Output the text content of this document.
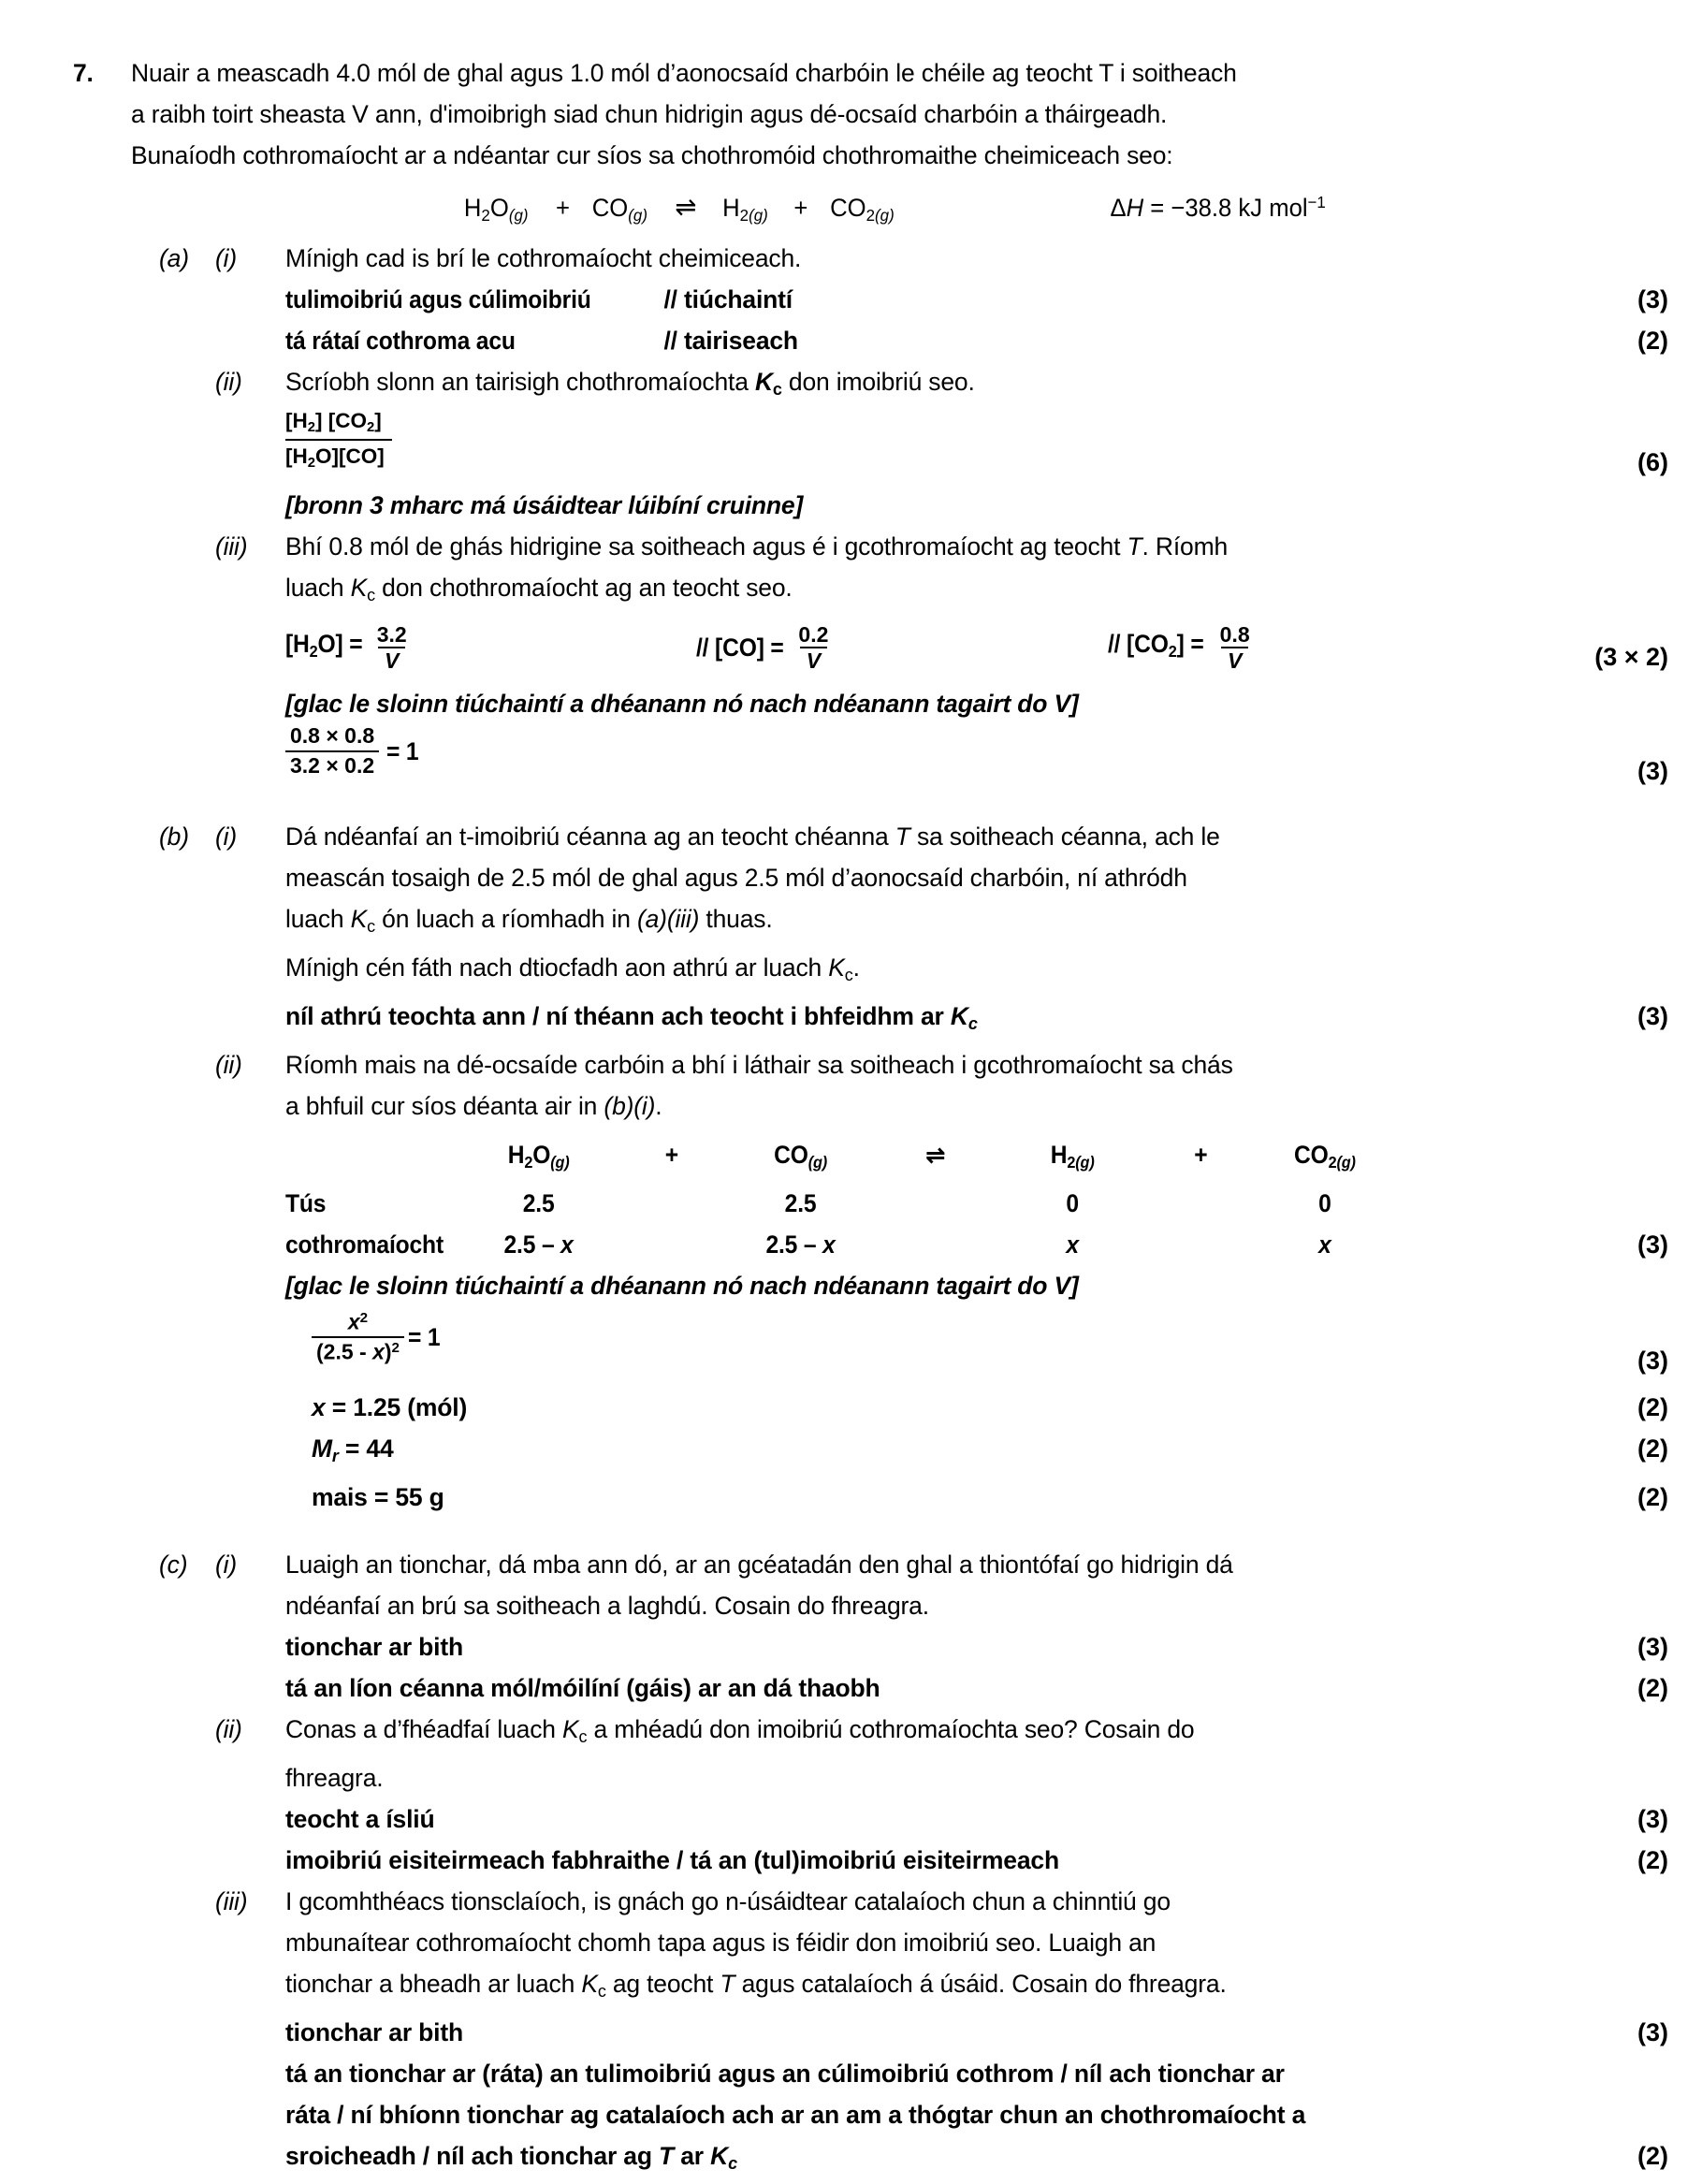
7.	Nuair a meascadh 4.0 mól de ghal agus 1.0 mól d’aonocsaíd charbóin le chéile ag teocht T i soitheach
a raibh toirt sheasta V ann, d'imoibrigh siad chun hidrigin agus dé-ocsaíd charbóin a tháirgeadh.
Bunaíodh cothromaíocht ar a ndéantar cur síos sa chothromóid chothromaithe cheimiceach seo:
$H_2O(g) + CO(g)$ ⇌ $H_2(g) + CO_2(g)$	ΔH = −38.8 kJ mol$^{-1}$
(a)	(i)	Mínigh cad is brí le cothromaíocht cheimiceach.
tulimoibriú agus cúlimoibriú	// tiúchaintí	(3)
tá rátaí cothroma acu	// tairiseach	(2)
(ii)	Scríobh slonn an tairisigh chothromaíochta Kc don imoibriú seo.
$\frac{[H_2] [CO_2]}{[H_2O][CO]}$	(6)
[bronn 3 mharc má úsáidtear lúibíní cruinne]
(iii)	Bhí 0.8 mól de ghás hidrigine sa soitheach agus é i gcothromaíocht ag teocht T. Ríomh
luach Kc don chothromaíocht ag an teocht seo.
$[H_2O] = \frac{3.2}{V}$	// $[CO] = \frac{0.2}{V}$	// $[CO_2] = \frac{0.8}{V}$	(3 × 2)
[glac le sloinn tiúchaintí a dhéanann nó nach ndéanann tagairt do V]
$\frac{0.8 \times 0.8}{3.2 \times 0.2} = 1$
(3)
(b)	(i)	Dá ndéanfaí an t-imoibriú céanna ag an teocht chéanna T sa soitheach céanna, ach le
meascán tosaigh de 2.5 mól de ghal agus 2.5 mól d’aonocsaíd charbóin, ní athródh
luach Kc ón luach a ríomhadh in (a)(iii) thuas.
Mínigh cén fáth nach dtiocfadh aon athrú ar luach Kc.
níl athrú teochta ann / ní théann ach teocht i bhfeidhm ar Kc	(3)
(ii)	Ríomh mais na dé-ocsaíde carbóin a bhí i láthair sa soitheach i gcothromaíocht sa chás
a bhfuil cur síos déanta air in (b)(i).
$H_2O(g)$	+	CO(g)	⇌	$H_2(g)$	+	$CO_2(g)$
Tús	2.5	2.5	0	0
cothromaíocht	2.5 – x	2.5 – x	x	x	(3)
[glac le sloinn tiúchaintí a dhéanann nó nach ndéanann tagairt do V]
$\frac{x^2}{(2.5 - x)^2} = 1$
(3)
x = 1.25 (mól)	(2)
Mr = 44	(2)
mais = 55 g	(2)
(c)	(i)	Luaigh an tionchar, dá mba ann dó, ar an gcéatadán den ghal a thiontófaí go hidrigin dá
ndéanfaí an brú sa soitheach a laghdú. Cosain do fhreagra.
tionchar ar bith	(3)
tá an líon céanna mól/móilíní (gáis) ar an dá thaobh	(2)
(ii)	Conas a d’fhéadfaí luach Kc a mhéadú don imoibriú cothromaíochta seo? Cosain do
fhreagra.
teocht a ísliú	(3)
imoibriú eisiteirmeach fabhraithe / tá an (tul)imoibriú eisiteirmeach	(2)
(iii)	I gcomhthéacs tionsclaíoch, is gnách go n-úsáidtear catalaíoch chun a chinntiú go
mbunaítear cothromaíocht chomh tapa agus is féidir don imoibriú seo. Luaigh an
tionchar a bheadh ar luach Kc ag teocht T agus catalaíoch á úsáid. Cosain do fhreagra.
tionchar ar bith	(3)
tá an tionchar ar (ráta) an tulimoibriú agus an cúlimoibriú cothrom / níl ach tionchar ar
ráta / ní bhíonn tionchar ag catalaíoch ach ar an am a thógtar chun an chothromaíocht a
sroicheadh / níl ach tionchar ag T ar Kc	(2)
